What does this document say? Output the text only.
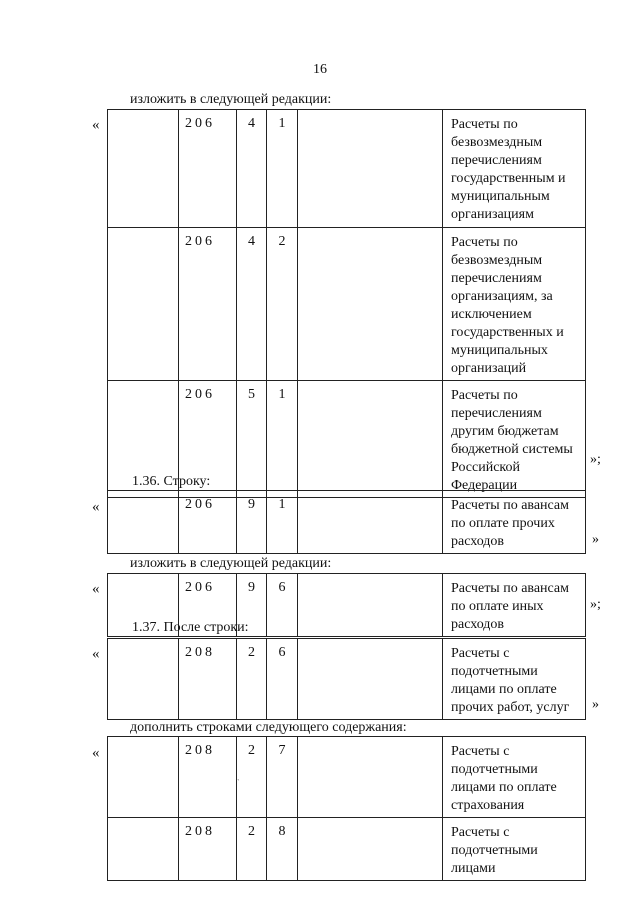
16
изложить в следующей редакции:
«
		206	4	1		Расчеты по безвозмездным перечислениям государственным и муниципальным организациям
	206	4	2		Расчеты по безвозмездным перечислениям организациям, за исключением государственных и муниципальных организаций
	206	5	1		Расчеты по перечислениям другим бюджетам бюджетной системы Российской Федерации
»;
1.36. Строку:
«
		206	9	1		Расчеты по авансам по оплате прочих расходов	»
изложить в следующей редакции:
«
		206	9	6		Расчеты по авансам по оплате иных расходов
»;
1.37. После строки:
«
		208	2	6		Расчеты с подотчетными лицами по оплате прочих работ, услуг »
дополнить строками следующего содержания:
«
		208	2	7		Расчеты с подотчетными лицами по оплате страхования
	208	2	8		Расчеты с подотчетными лицами
`
